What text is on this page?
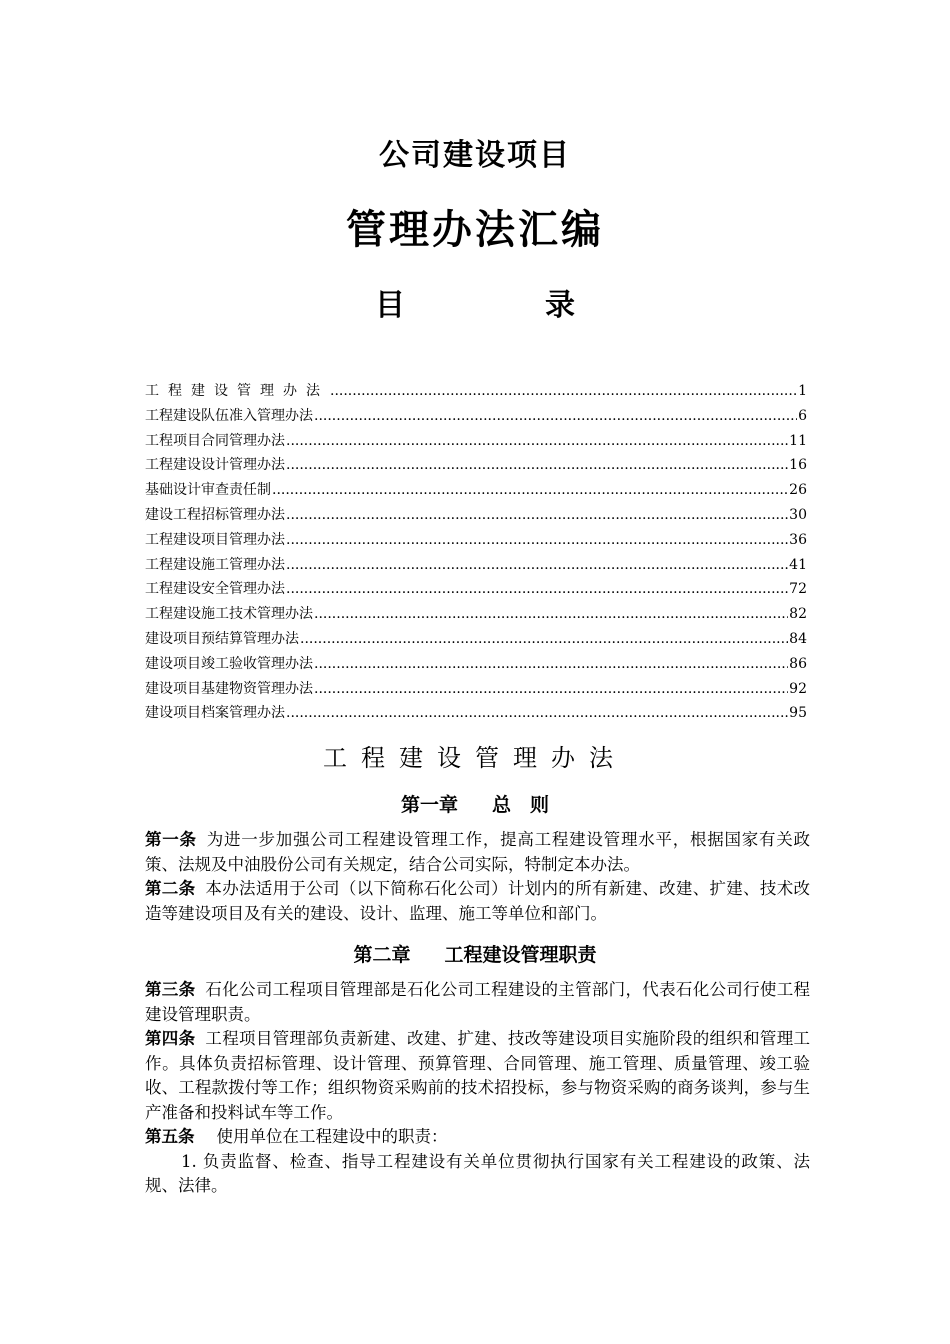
公司建设项目
管理办法汇编
目	录
工程建设管理办法 .....	1
工程建设队伍准入管理办法 .....	6
工程项目合同管理办法 .....	11
工程建设设计管理办法 .....	16
基础设计审查责任制 .....	26
建设工程招标管理办法 .....	30
工程建设项目管理办法 .....	36
工程建设施工管理办法 .....	41
工程建设安全管理办法 .....	72
工程建设施工技术管理办法 .....	82
建设项目预结算管理办法 .....	84
建设项目竣工验收管理办法 .....	86
建设项目基建物资管理办法 .....	92
建设项目档案管理办法 .....	95
工程建设管理办法
第一章 总　则

第一条 为进一步加强公司工程建设管理工作，提高工程建设管理水平，根据国家有关政策、法规及中油股份公司有关规定，结合公司实际，特制定本办法。

第二条 本办法适用于公司（以下简称石化公司）计划内的所有新建、改建、扩建、技术改造等建设项目及有关的建设、设计、监理、施工等单位和部门。

第二章 工程建设管理职责

第三条 石化公司工程项目管理部是石化公司工程建设的主管部门，代表石化公司行使工程建设管理职责。

第四条 工程项目管理部负责新建、改建、扩建、技改等建设项目实施阶段的组织和管理工作。具体负责招标管理、设计管理、预算管理、合同管理、施工管理、质量管理、竣工验收、工程款拨付等工作；组织物资采购前的技术招投标，参与物资采购的商务谈判，参与生产准备和投料试车等工作。

第五条 使用单位在工程建设中的职责：

1. 负责监督、检查、指导工程建设有关单位贯彻执行国家有关工程建设的政策、法规、法律。
